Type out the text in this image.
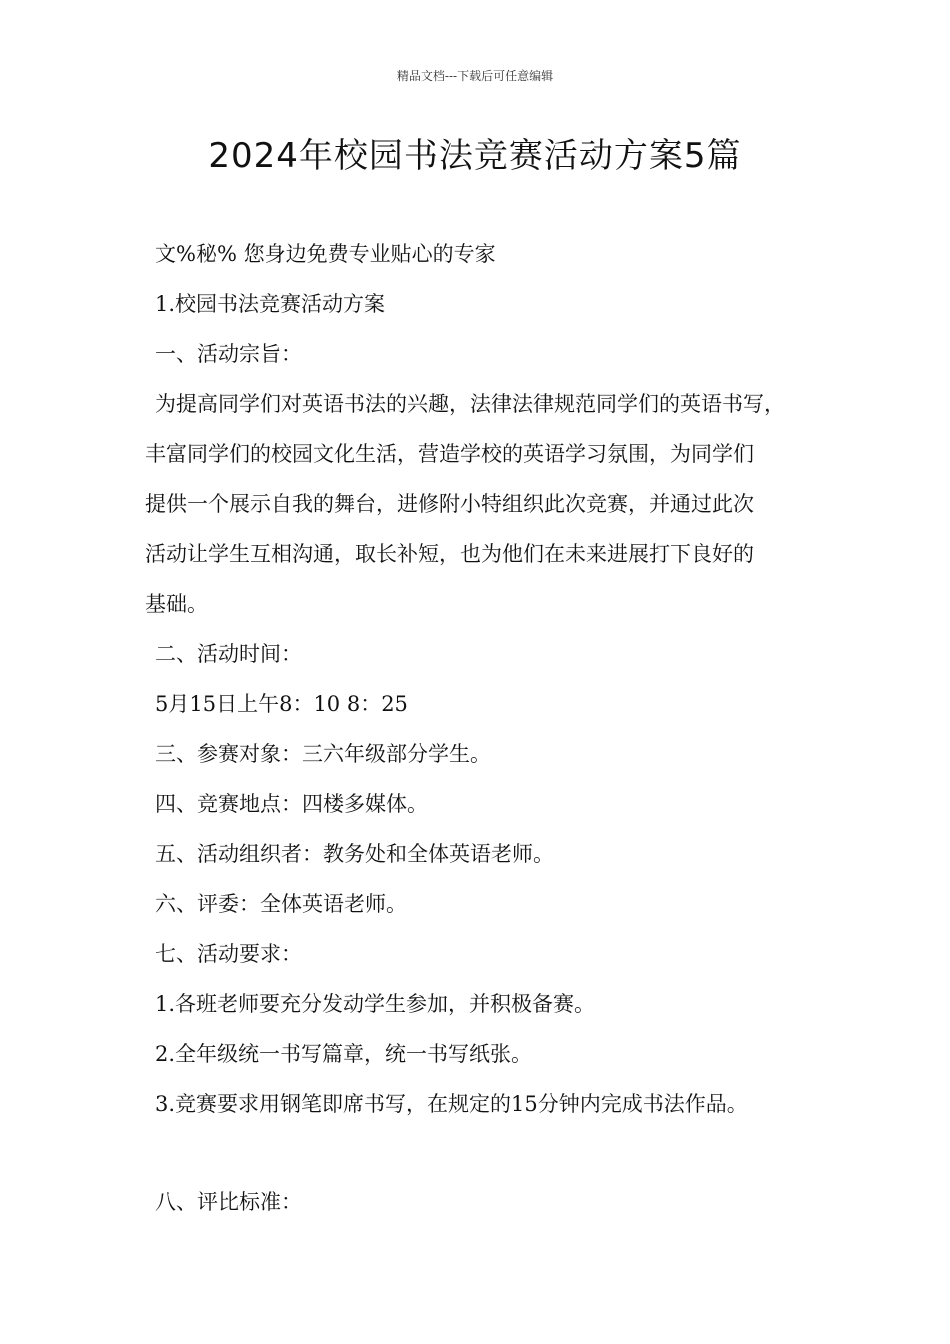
精品文档---下载后可任意编辑
2024年校园书法竞赛活动方案5篇
文%秘% 您身边免费专业贴心的专家
1.校园书法竞赛活动方案
一、活动宗旨：
为提高同学们对英语书法的兴趣，法律法律规范同学们的英语书写，
丰富同学们的校园文化生活，营造学校的英语学习氛围，为同学们
提供一个展示自我的舞台，进修附小特组织此次竞赛，并通过此次
活动让学生互相沟通，取长补短，也为他们在未来进展打下良好的
基础。
二、活动时间：
5月15日上午8：10 8：25
三、参赛对象：三六年级部分学生。
四、竞赛地点：四楼多媒体。
五、活动组织者：教务处和全体英语老师。
六、评委：全体英语老师。
七、活动要求：
1.各班老师要充分发动学生参加，并积极备赛。
2.全年级统一书写篇章，统一书写纸张。
3.竞赛要求用钢笔即席书写，在规定的15分钟内完成书法作品。
八、评比标准：
